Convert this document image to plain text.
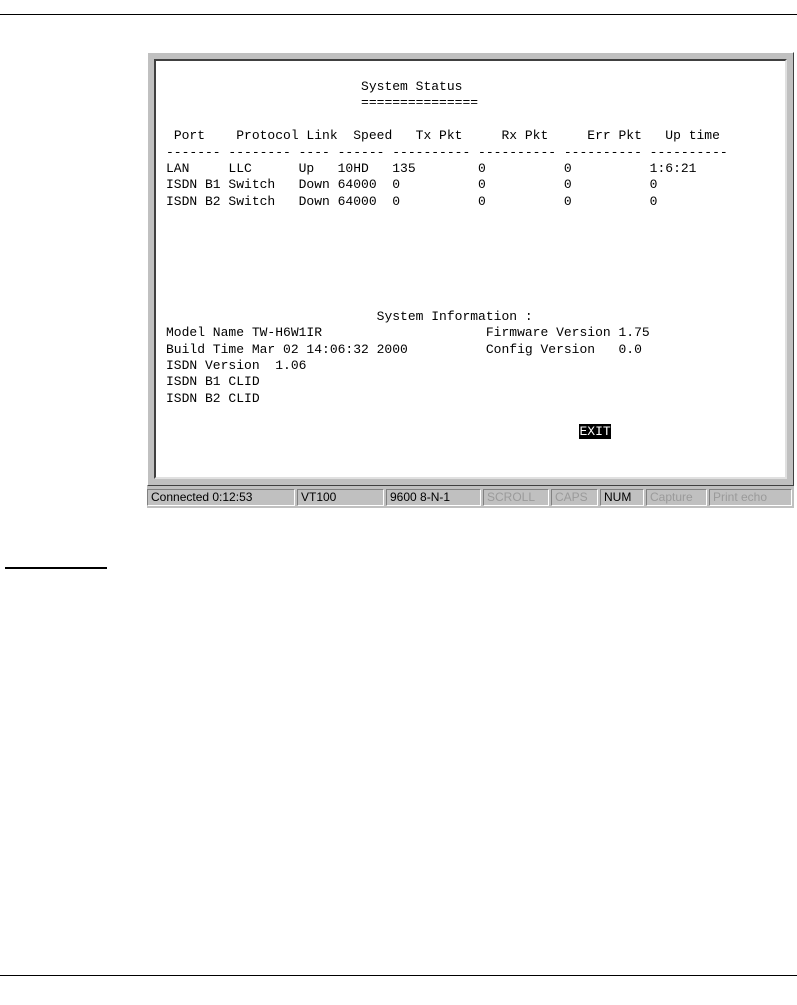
System Status
===============

Port    Protocol Link  Speed   Tx Pkt     Rx Pkt     Err Pkt   Up time
------- -------- ---- ------ ---------- ---------- ---------- ----------
LAN     LLC      Up   10HD   135        0          0          1:6:21
ISDN B1 Switch   Down 64000  0          0          0          0
ISDN B2 Switch   Down 64000  0          0          0          0

System Information :
Model Name TW-H6W1IR	Firmware Version 1.75
Build Time Mar 02 14:06:32 2000	Config Version   0.0
ISDN Version  1.06
ISDN B1 CLID
ISDN B2 CLID

EXIT
Connected 0:12:53	VT100	9600 8-N-1	SCROLL	CAPS	NUM	Capture	Print echo
